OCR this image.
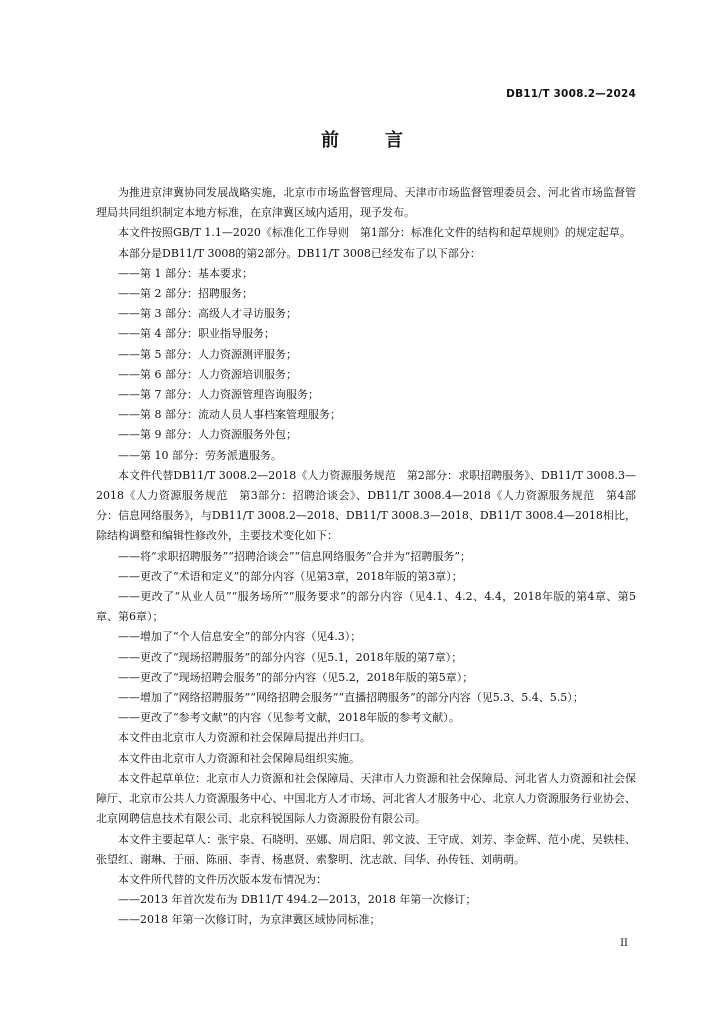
DB11/T 3008.2—2024
前　言

为推进京津冀协同发展战略实施，北京市市场监督管理局、天津市市场监督管理委员会、河北省市场监督管理局共同组织制定本地方标准，在京津冀区域内适用，现予发布。

本文件按照GB/T 1.1—2020《标准化工作导则　第1部分：标准化文件的结构和起草规则》的规定起草。

本部分是DB11/T 3008的第2部分。DB11/T 3008已经发布了以下部分：

——第 1 部分：基本要求；

——第 2 部分：招聘服务；

——第 3 部分：高级人才寻访服务；

——第 4 部分：职业指导服务；

——第 5 部分：人力资源测评服务；

——第 6 部分：人力资源培训服务；

——第 7 部分：人力资源管理咨询服务；

——第 8 部分：流动人员人事档案管理服务；

——第 9 部分：人力资源服务外包；

——第 10 部分：劳务派遣服务。

本文件代替DB11/T 3008.2—2018《人力资源服务规范　第2部分：求职招聘服务》、DB11/T 3008.3—2018《人力资源服务规范　第3部分：招聘洽谈会》、DB11/T 3008.4—2018《人力资源服务规范　第4部分：信息网络服务》，与DB11/T 3008.2—2018、DB11/T 3008.3—2018、DB11/T 3008.4—2018相比，除结构调整和编辑性修改外，主要技术变化如下：

——将“求职招聘服务”“招聘洽谈会”“信息网络服务”合并为“招聘服务”；

——更改了“术语和定义”的部分内容（见第3章，2018年版的第3章）；

——更改了“从业人员”“服务场所”“服务要求”的部分内容（见4.1、4.2、4.4，2018年版的第4章、第5章、第6章）；

——增加了“个人信息安全”的部分内容（见4.3）；

——更改了“现场招聘服务”的部分内容（见5.1，2018年版的第7章）；

——更改了“现场招聘会服务”的部分内容（见5.2，2018年版的第5章）；

——增加了“网络招聘服务”“网络招聘会服务”“直播招聘服务”的部分内容（见5.3、5.4、5.5）；

——更改了“参考文献”的内容（见参考文献，2018年版的参考文献）。

本文件由北京市人力资源和社会保障局提出并归口。

本文件由北京市人力资源和社会保障局组织实施。

本文件起草单位：北京市人力资源和社会保障局、天津市人力资源和社会保障局、河北省人力资源和社会保障厅、北京市公共人力资源服务中心、中国北方人才市场、河北省人才服务中心、北京人力资源服务行业协会、北京网聘信息技术有限公司、北京科锐国际人力资源股份有限公司。

本文件主要起草人：张宇泉、石晓明、巫娜、周启阳、郭文波、王守成、刘芳、李金辉、范小虎、吴轶桂、张望红、谢琳、于丽、陈丽、李青、杨惠贤、索黎明、沈志歆、闫华、孙传钰、刘萌萌。

本文件所代替的文件历次版本发布情况为：

——2013 年首次发布为 DB11/T 494.2—2013，2018 年第一次修订；

——2018 年第一次修订时，为京津冀区域协同标准；

II
